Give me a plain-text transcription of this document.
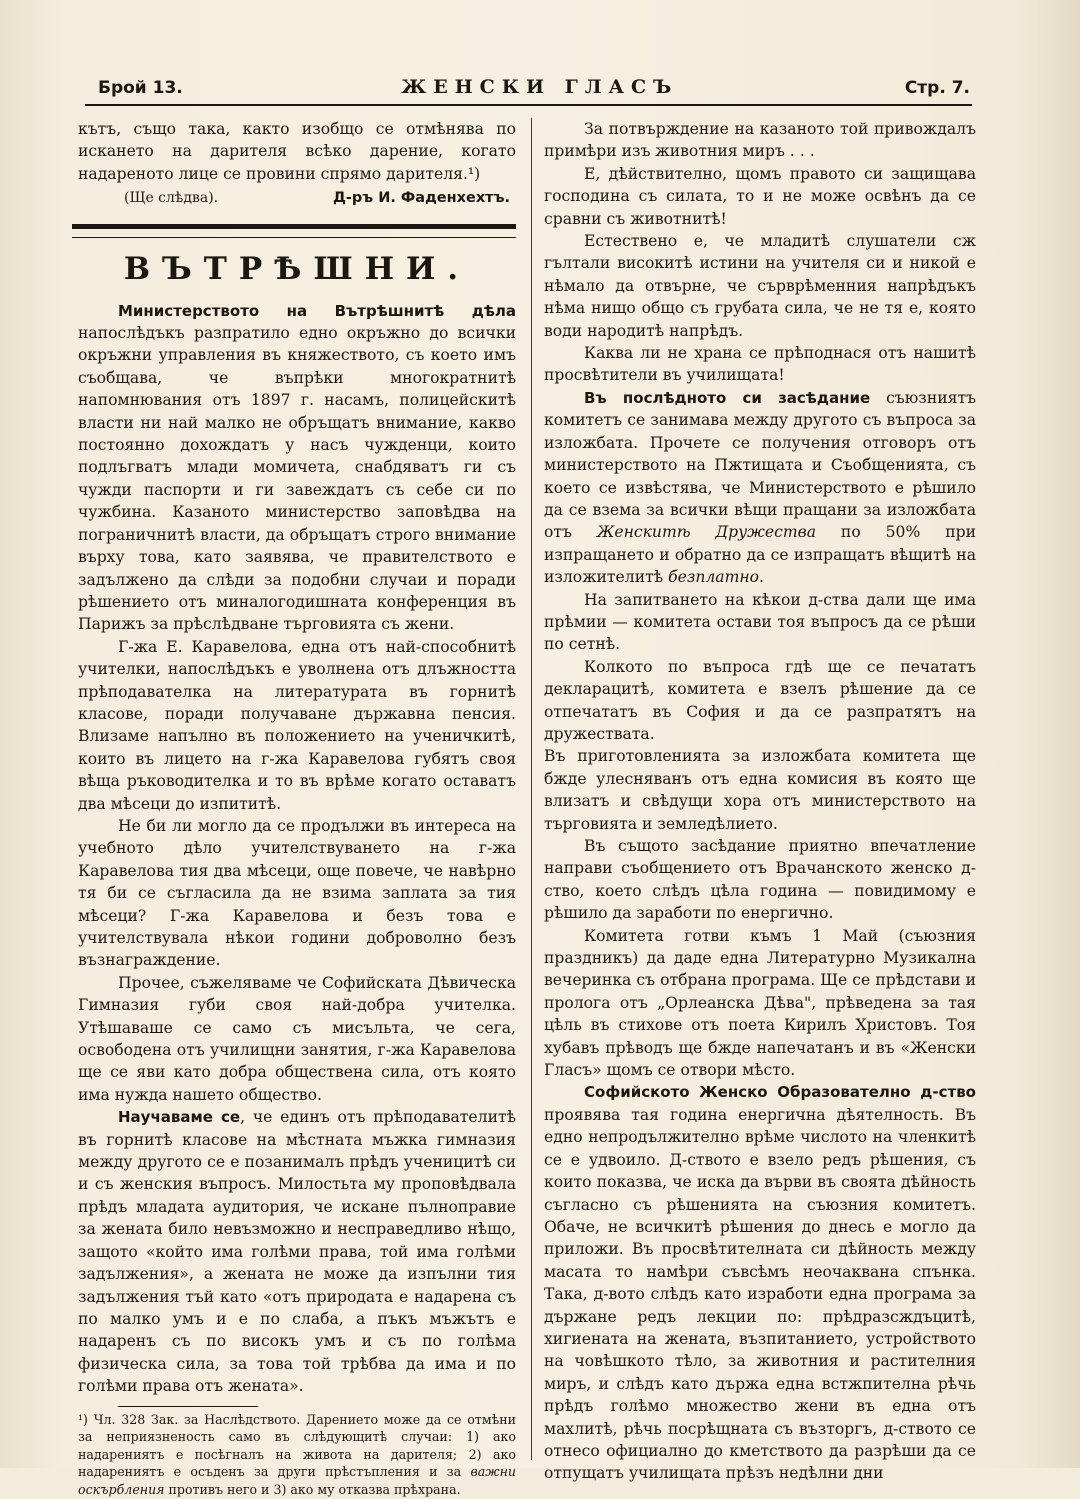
Брой 13.	ЖЕНСКИ ГЛАСЪ	Стр. 7.

кътъ, също така, както изобщо се отмѣнява по искането на дарителя всѣко дарение, когато надареното лице се провини спрямо дарителя.¹)

(Ще слѣдва).	Д-ръ И. Фаденхехтъ.
ВЪТРѢШНИ.

Министерството на Вътрѣшнитѣ дѣла напослѣдъкъ разпратило едно окръжно до всички окръжни управления въ княжеството, съ което имъ съобщава, че въпрѣки многократнитѣ напомнювания отъ 1897 г. насамъ, полицейскитѣ власти ни най малко не обръщатъ внимание, какво постоянно дохождатъ у насъ чужденци, които подлъгватъ млади момичета, снабдяватъ ги съ чужди паспорти и ги завеждатъ съ себе си по чужбина. Казаното министерство заповѣдва на пограничнитѣ власти, да обръщатъ строго внимание върху това, като заявява, че правителството е задължено да слѣди за подобни случаи и поради рѣшението отъ миналогодишната конференция въ Парижъ за прѣслѣдване търговията съ жени.

Г-жа Е. Каравелова, една отъ най-способнитѣ учителки, напослѣдъкъ е уволнена отъ длъжността прѣподавателка на литературата въ горнитѣ класове, поради получаване държавна пенсия. Влизаме напълно въ положението на ученичкитѣ, които въ лицето на г-жа Каравелова губятъ своя вѣща ръководителка и то въ врѣме когато оставатъ два мѣсеци до изпититѣ.

Не би ли могло да се продължи въ интереса на учебното дѣло учителствуването на г-жа Каравелова тия два мѣсеци, още повече, че навѣрно тя би се съгласила да не взима заплата за тия мѣсеци? Г-жа Каравелова и безъ това е учителствувала нѣкои години доброволно безъ възнаграждение.

Прочее, съжеляваме че Софийската Дѣвическа Гимназия губи своя най-добра учителка. Утѣшаваше се само съ мисъльта, че сега, освободена отъ училищни занятия, г-жа Каравелова ще се яви като добра обществена сила, отъ която има нужда нашето общество.

Научаваме се, че единъ отъ прѣподавателитѣ въ горнитѣ класове на мѣстната мъжка гимназия между другото се е позанималъ прѣдъ ученицитѣ си и съ женския въпросъ. Милостьта му проповѣдвала прѣдъ младата аудитория, че искане пълноправие за жената било невъзможно и несправедливо нѣщо, защото «който има голѣми права, той има голѣми задължения», а жената не може да изпълни тия задължения тъй като «отъ природата е надарена съ по малко умъ и е по слаба, а пъкъ мъжътъ е надаренъ съ по високъ умъ и съ по голѣма физическа сила, за това той трѣбва да има и по голѣми права отъ жената».

¹) Чл. 328 Зак. за Наслѣдството. Дарението може да се отмѣни за неприязненость само въ слѣдующитѣ случаи: 1) ако надарениятъ е посѣгналъ на живота на дарителя; 2) ако надарениятъ е осъденъ за други прѣстъпления и за важни оскърбления противъ него и 3) ако му отказва прѣхрана.

За потвърждение на казаното той привождалъ примѣри изъ животния миръ . . .

Е, дѣйствително, щомъ правото си защищава господина съ силата, то и не може освѣнъ да се сравни съ животнитѣ!

Естествено е, че младитѣ слушатели сж гълтали високитѣ истини на учителя си и никой е нѣмало да отвърне, че сърврѣменния напрѣдъкъ нѣма нищо общо съ грубата сила, че не тя е, която води народитѣ напрѣдъ.

Каква ли не храна се прѣподнася отъ нашитѣ просвѣтители въ училищата!

Въ послѣдното си засѣдание съюзниятъ комитетъ се занимава между другото съ въпроса за изложбата. Прочете се получения отговоръ отъ министерството на Пжтищата и Съобщенията, съ което се извѣстява, че Министерството е рѣшило да се взема за всички вѣщи пращани за изложбата отъ Женскитѣ Дружества по 50% при изпращането и обратно да се изпращатъ вѣщитѣ на изложителитѣ безплатно.

На запитването на кѣкои д-ства дали ще има прѣмии — комитета остави тоя въпросъ да се рѣши по сетнѣ.

Колкото по въпроса гдѣ ще се печататъ декларацитѣ, комитета е взелъ рѣшение да се отпечататъ въ София и да се разпратятъ на дружествата.

Въ приготовленията за изложбата комитета ще бжде улесняванъ отъ една комисия въ която ще влизатъ и свѣдущи хора отъ министерството на търговията и земледѣлието.

Въ същото засѣдание приятно впечатление направи съобщението отъ Врачанското женско д-ство, което слѣдъ цѣла година — повидимому е рѣшило да заработи по енергично.

Комитета готви къмъ 1 Май (съюзния праздникъ) да даде една Литературно Музикална вечеринка съ отбрана програма. Ще се прѣдстави и пролога отъ „Орлеанска Дѣва", прѣведена за тая цѣль въ стихове отъ поета Кирилъ Христовъ. Тоя хубавъ прѣводъ ще бжде напечатанъ и въ «Женски Гласъ» щомъ се отвори мѣсто.

Софийското Женско Образователно д-ство проявява тая година енергична дѣятелность. Въ едно непродължително врѣме числото на членкитѣ се е удвоило. Д-ството е взело редъ рѣшения, съ които показва, че иска да върви въ своята дѣйность съгласно съ рѣшенията на съюзния комитетъ. Обаче, не всичкитѣ рѣшения до днесь е могло да приложи. Въ просвѣтителната си дѣйность между масата то намѣри съвсѣмъ неочаквана спънка. Така, д-вото слѣдъ като изработи една програма за държане редъ лекции по: прѣдразсждъцитѣ, хигиената на жената, възпитанието, устройството на човѣшкото тѣло, за животния и растителния миръ, и слѣдъ като държа една встжпителна рѣчь прѣдъ голѣмо множество жени въ една отъ махлитѣ, рѣчь посрѣщната съ възторгъ, д-ството се отнесо официално до кметството да разрѣши да се отпущатъ училищата прѣзъ недѣлни дни
